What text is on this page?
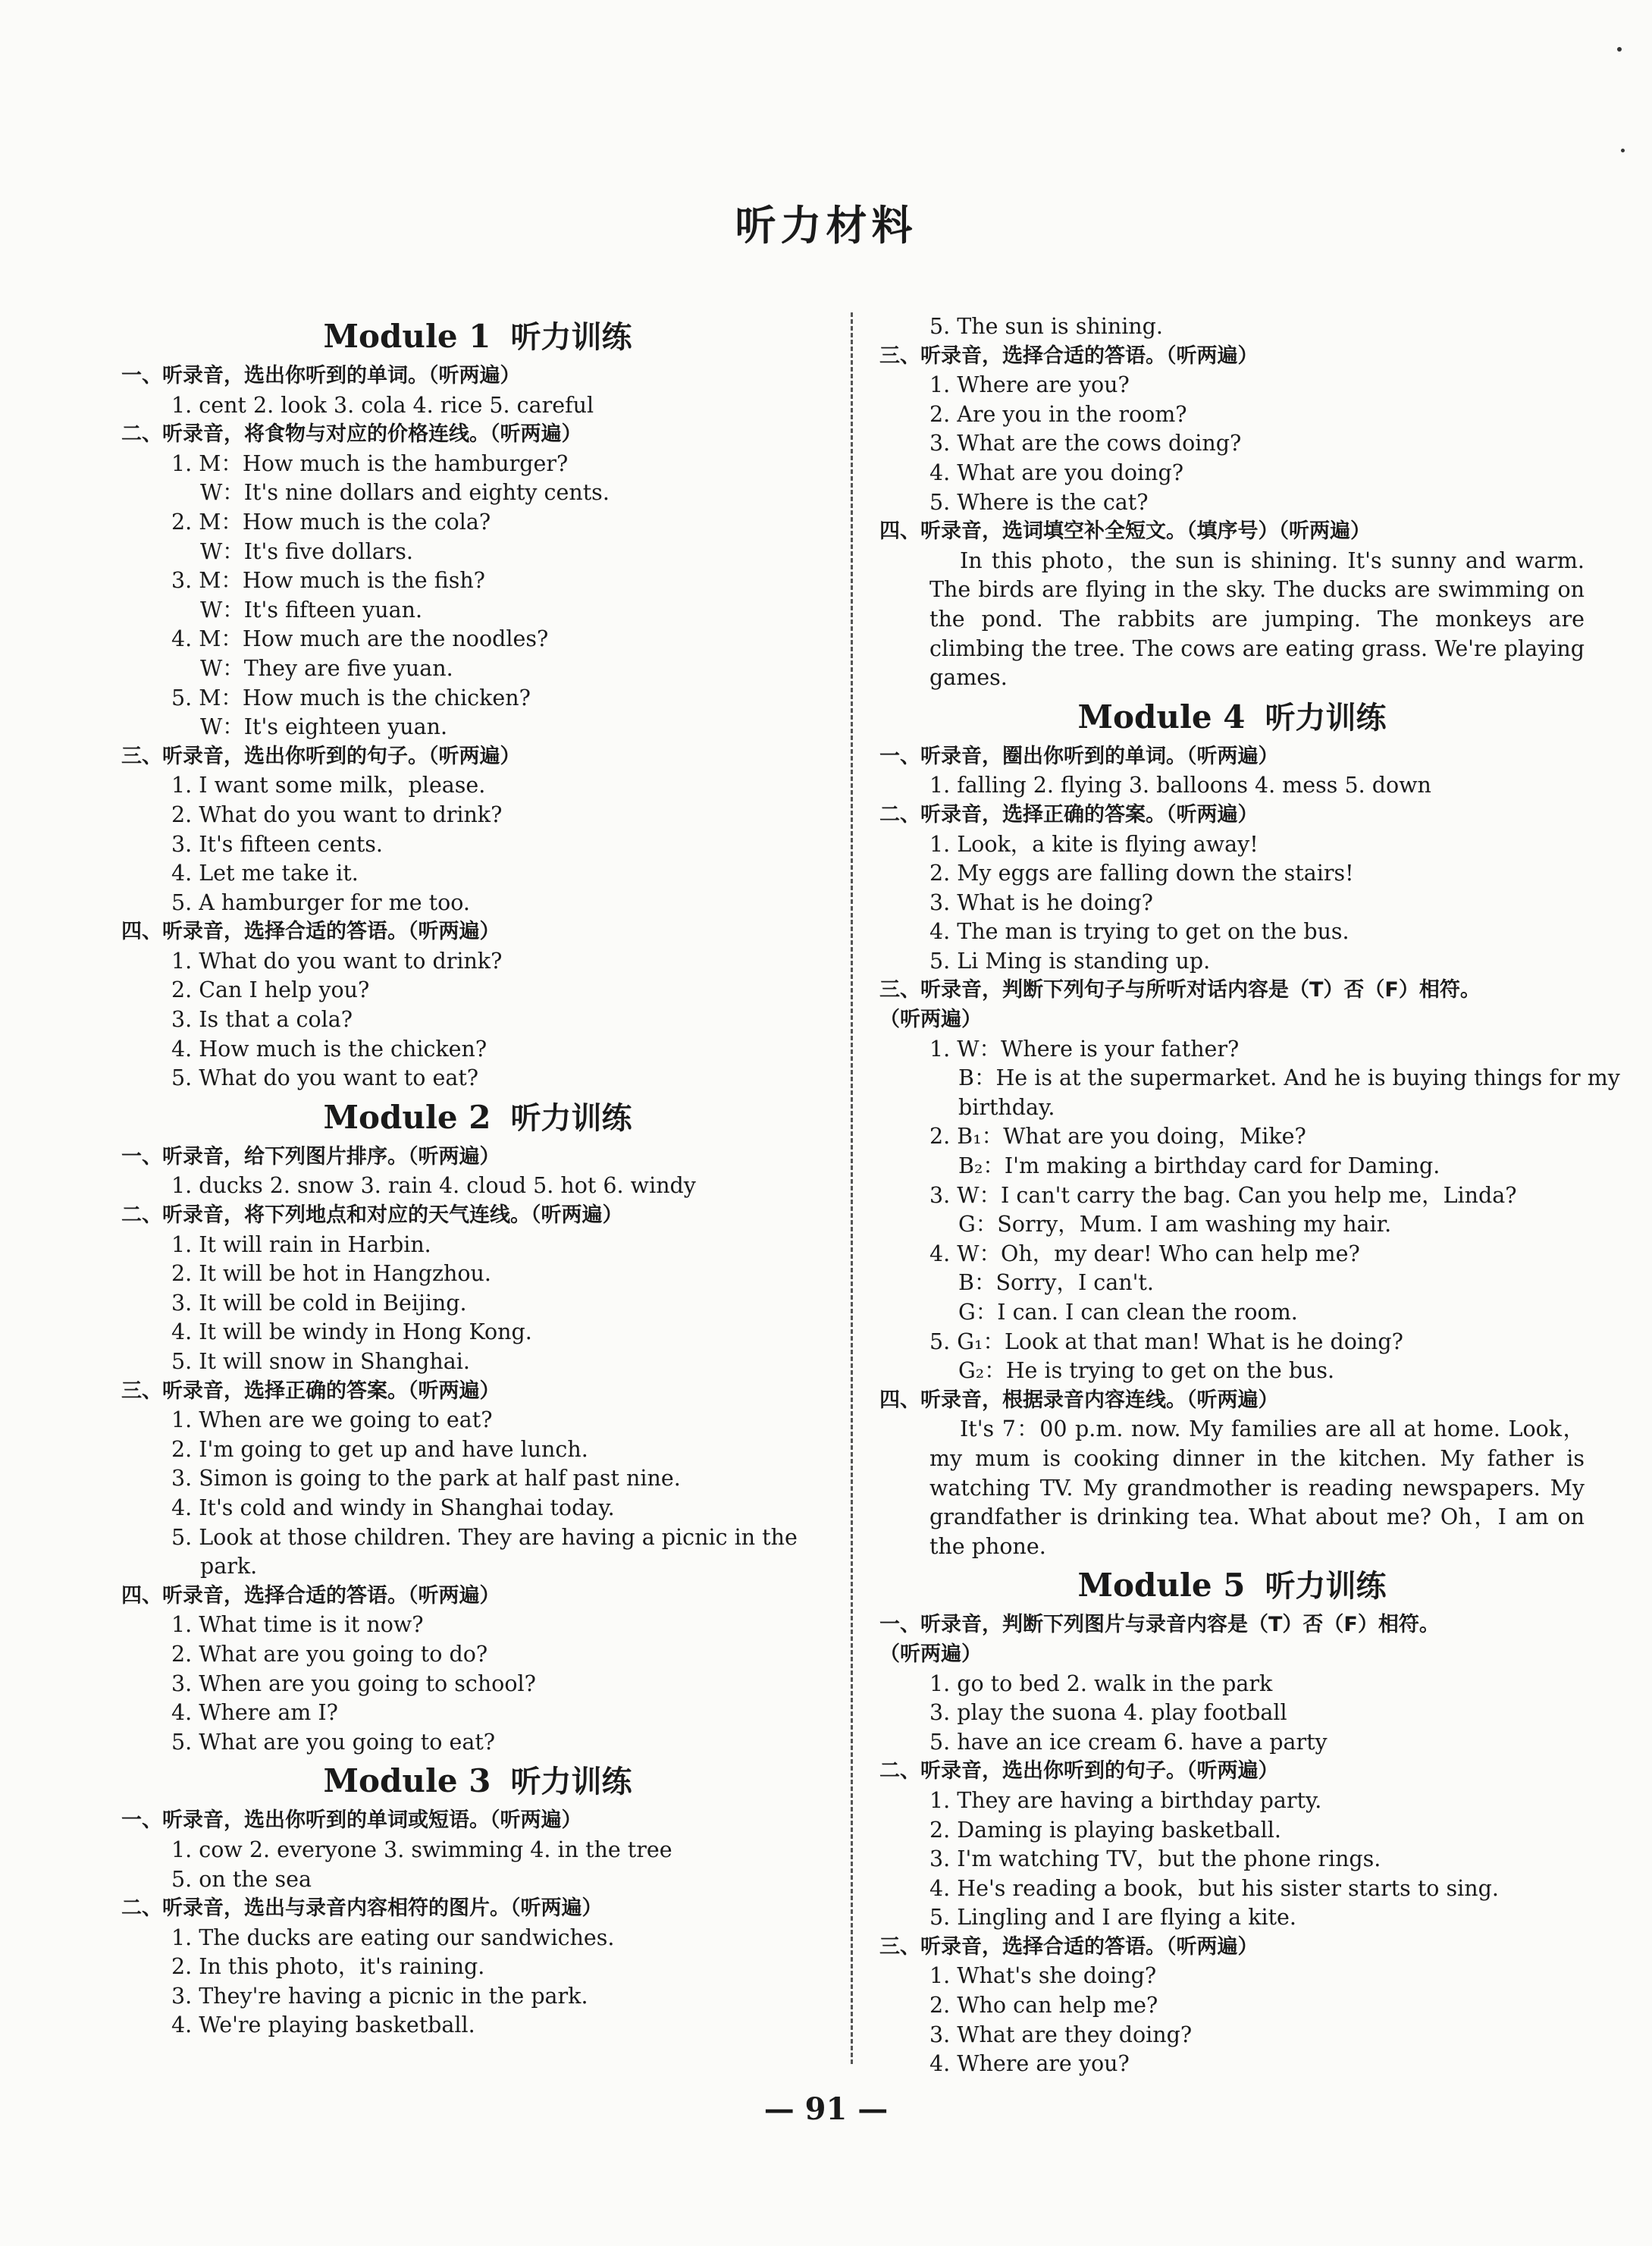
听力材料
Module 1 听力训练
一、听录音，选出你听到的单词。（听两遍）
1. cent 2. look 3. cola 4. rice 5. careful
二、听录音，将食物与对应的价格连线。（听两遍）
1. M：How much is the hamburger?
W：It's nine dollars and eighty cents.
2. M：How much is the cola?
W：It's five dollars.
3. M：How much is the fish?
W：It's fifteen yuan.
4. M：How much are the noodles?
W：They are five yuan.
5. M：How much is the chicken?
W：It's eighteen yuan.
三、听录音，选出你听到的句子。（听两遍）
1. I want some milk，please.
2. What do you want to drink?
3. It's fifteen cents.
4. Let me take it.
5. A hamburger for me too.
四、听录音，选择合适的答语。（听两遍）
1. What do you want to drink?
2. Can I help you?
3. Is that a cola?
4. How much is the chicken?
5. What do you want to eat?
Module 2 听力训练
一、听录音，给下列图片排序。（听两遍）
1. ducks 2. snow 3. rain 4. cloud 5. hot 6. windy
二、听录音，将下列地点和对应的天气连线。（听两遍）
1. It will rain in Harbin.
2. It will be hot in Hangzhou.
3. It will be cold in Beijing.
4. It will be windy in Hong Kong.
5. It will snow in Shanghai.
三、听录音，选择正确的答案。（听两遍）
1. When are we going to eat?
2. I'm going to get up and have lunch.
3. Simon is going to the park at half past nine.
4. It's cold and windy in Shanghai today.
5. Look at those children. They are having a picnic in the
park.
四、听录音，选择合适的答语。（听两遍）
1. What time is it now?
2. What are you going to do?
3. When are you going to school?
4. Where am I?
5. What are you going to eat?
Module 3 听力训练
一、听录音，选出你听到的单词或短语。（听两遍）
1. cow 2. everyone 3. swimming 4. in the tree
5. on the sea
二、听录音，选出与录音内容相符的图片。（听两遍）
1. The ducks are eating our sandwiches.
2. In this photo，it's raining.
3. They're having a picnic in the park.
4. We're playing basketball.
5. The sun is shining.
三、听录音，选择合适的答语。（听两遍）
1. Where are you?
2. Are you in the room?
3. What are the cows doing?
4. What are you doing?
5. Where is the cat?
四、听录音，选词填空补全短文。（填序号）（听两遍）
In this photo，the sun is shining. It's sunny and warm. The birds are flying in the sky. The ducks are swimming on the pond. The rabbits are jumping. The monkeys are climbing the tree. The cows are eating grass. We're playing games.
Module 4 听力训练
一、听录音，圈出你听到的单词。（听两遍）
1. falling 2. flying 3. balloons 4. mess 5. down
二、听录音，选择正确的答案。（听两遍）
1. Look，a kite is flying away!
2. My eggs are falling down the stairs!
3. What is he doing?
4. The man is trying to get on the bus.
5. Li Ming is standing up.
三、听录音，判断下列句子与所听对话内容是（T）否（F）相符。
（听两遍）
1. W：Where is your father?
B：He is at the supermarket. And he is buying things for my
birthday.
2. B₁：What are you doing，Mike?
B₂：I'm making a birthday card for Daming.
3. W：I can't carry the bag. Can you help me，Linda?
G：Sorry，Mum. I am washing my hair.
4. W：Oh，my dear! Who can help me?
B：Sorry，I can't.
G：I can. I can clean the room.
5. G₁：Look at that man! What is he doing?
G₂：He is trying to get on the bus.
四、听录音，根据录音内容连线。（听两遍）
It's 7：00 p.m. now. My families are all at home. Look，my mum is cooking dinner in the kitchen. My father is watching TV. My grandmother is reading newspapers. My grandfather is drinking tea. What about me? Oh，I am on the phone.
Module 5 听力训练
一、听录音，判断下列图片与录音内容是（T）否（F）相符。
（听两遍）
1. go to bed 2. walk in the park
3. play the suona 4. play football
5. have an ice cream 6. have a party
二、听录音，选出你听到的句子。（听两遍）
1. They are having a birthday party.
2. Daming is playing basketball.
3. I'm watching TV，but the phone rings.
4. He's reading a book，but his sister starts to sing.
5. Lingling and I are flying a kite.
三、听录音，选择合适的答语。（听两遍）
1. What's she doing?
2. Who can help me?
3. What are they doing?
4. Where are you?
— 91 —
